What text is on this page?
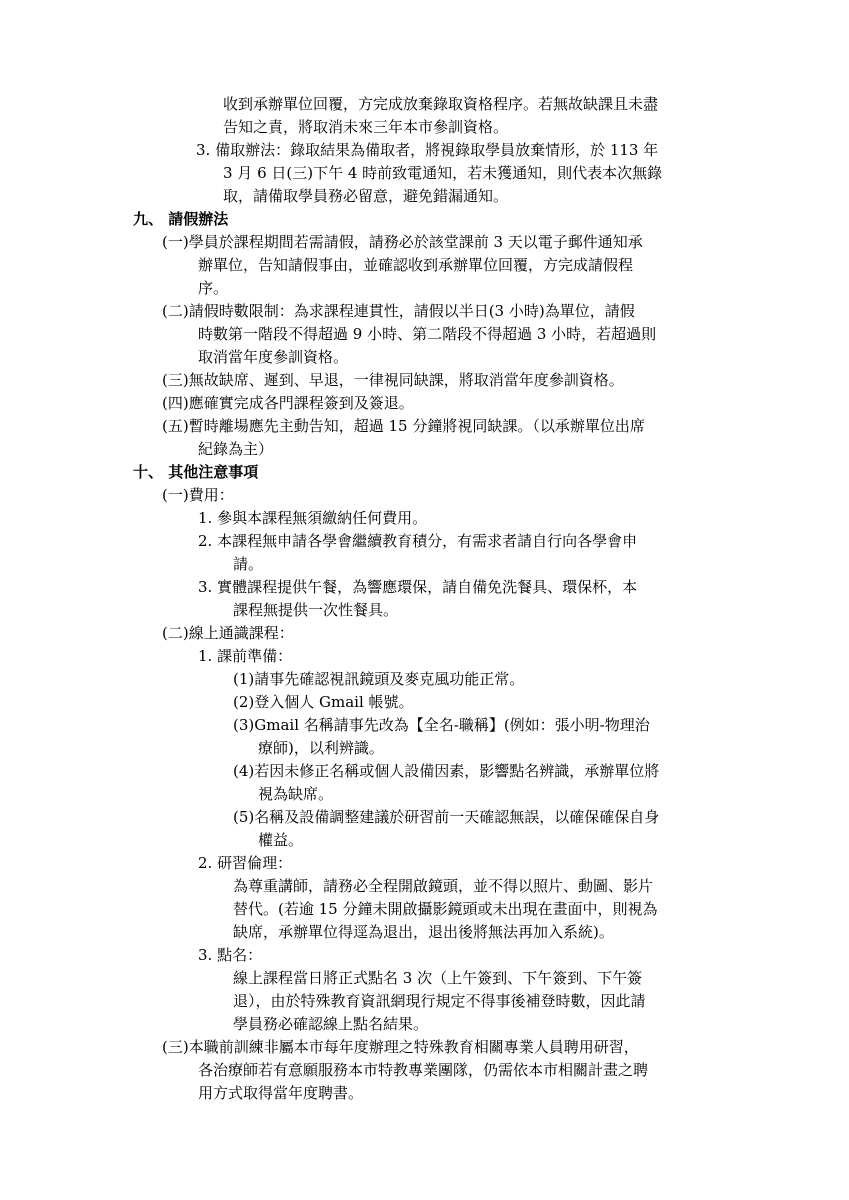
收到承辦單位回覆，方完成放棄錄取資格程序。若無故缺課且未盡
告知之責，將取消未來三年本市參訓資格。
3. 備取辦法：錄取結果為備取者，將視錄取學員放棄情形，於 113 年
3 月 6 日(三)下午 4 時前致電通知，若未獲通知，則代表本次無錄
取，請備取學員務必留意，避免錯漏通知。
九、 請假辦法
(一)學員於課程期間若需請假，請務必於該堂課前 3 天以電子郵件通知承
辦單位，告知請假事由，並確認收到承辦單位回覆，方完成請假程
序。
(二)請假時數限制：為求課程連貫性，請假以半日(3 小時)為單位，請假
時數第一階段不得超過 9 小時、第二階段不得超過 3 小時，若超過則
取消當年度參訓資格。
(三)無故缺席、遲到、早退，一律視同缺課，將取消當年度參訓資格。
(四)應確實完成各門課程簽到及簽退。
(五)暫時離場應先主動告知，超過 15 分鐘將視同缺課。（以承辦單位出席
紀錄為主）
十、 其他注意事項
(一)費用：
1. 參與本課程無須繳納任何費用。
2. 本課程無申請各學會繼續教育積分，有需求者請自行向各學會申
請。
3. 實體課程提供午餐，為響應環保，請自備免洗餐具、環保杯，本
課程無提供一次性餐具。
(二)線上通識課程：
1. 課前準備：
(1)請事先確認視訊鏡頭及麥克風功能正常。
(2)登入個人 Gmail 帳號。
(3)Gmail 名稱請事先改為【全名-職稱】(例如：張小明-物理治
療師)，以利辨識。
(4)若因未修正名稱或個人設備因素，影響點名辨識，承辦單位將
視為缺席。
(5)名稱及設備調整建議於研習前一天確認無誤，以確保確保自身
權益。
2. 研習倫理：
為尊重講師，請務必全程開啟鏡頭，並不得以照片、動圖、影片
替代。(若逾 15 分鐘未開啟攝影鏡頭或未出現在畫面中，則視為
缺席，承辦單位得逕為退出，退出後將無法再加入系統)。
3. 點名：
線上課程當日將正式點名 3 次（上午簽到、下午簽到、下午簽
退），由於特殊教育資訊網現行規定不得事後補登時數，因此請
學員務必確認線上點名結果。
(三)本職前訓練非屬本市每年度辦理之特殊教育相關專業人員聘用研習，
各治療師若有意願服務本市特教專業團隊，仍需依本市相關計畫之聘
用方式取得當年度聘書。
